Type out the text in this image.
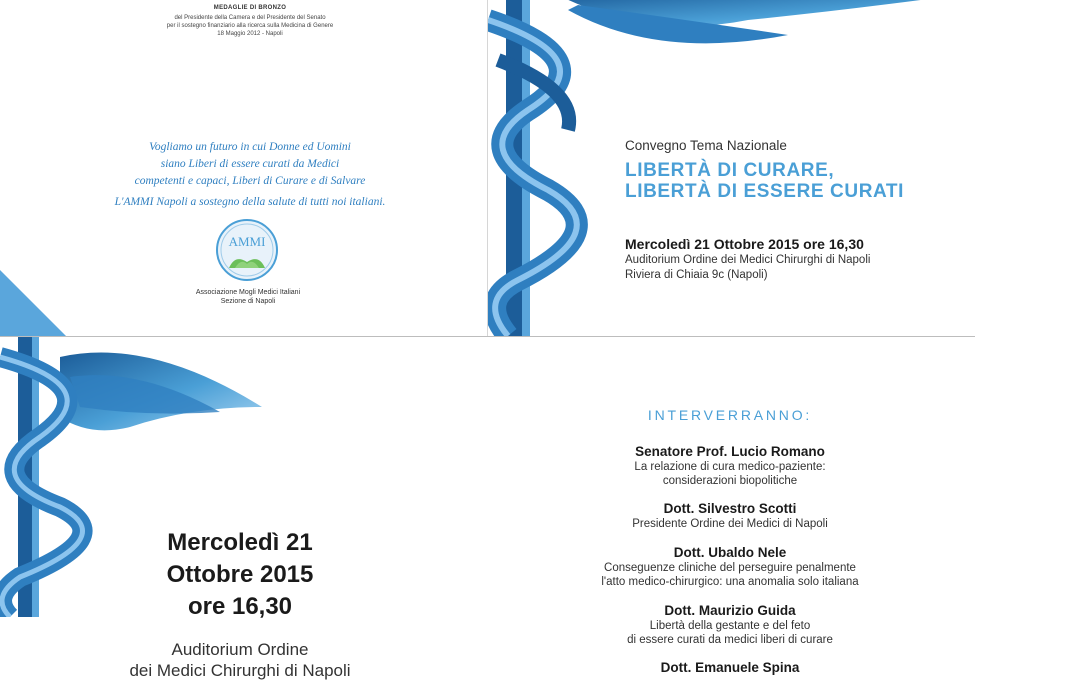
MEDAGLIE DI BRONZO
del Presidente della Camera e del Presidente del Senato
per il sostegno finanziario alla ricerca sulla Medicina di Genere
18 Maggio 2012 - Napoli
Vogliamo un futuro in cui Donne ed Uomini
siano Liberi di essere curati da Medici
competenti e capaci, Liberi di Curare e di Salvare
L'AMMI Napoli a sostegno della salute di tutti noi italiani.
AMMI
Associazione Mogli Medici Italiani
Sezione di Napoli
Convegno Tema Nazionale
LIBERTÀ DI CURARE,
LIBERTÀ DI ESSERE CURATI
Mercoledì 21 Ottobre 2015 ore 16,30
Auditorium Ordine dei Medici Chirurghi di Napoli
Riviera di Chiaia 9c (Napoli)
Mercoledì 21
Ottobre 2015
ore 16,30
Auditorium Ordine
dei Medici Chirurghi di Napoli
INTERVERRANNO:
Senatore Prof. Lucio Romano
La relazione di cura medico-paziente:
considerazioni biopolitiche
Dott. Silvestro Scotti
Presidente Ordine dei Medici di Napoli
Dott. Ubaldo Nele
Conseguenze cliniche del perseguire penalmente
l'atto medico-chirurgico: una anomalia solo italiana
Dott. Maurizio Guida
Libertà della gestante e del feto
di essere curati da medici liberi di curare
Dott. Emanuele Spina
